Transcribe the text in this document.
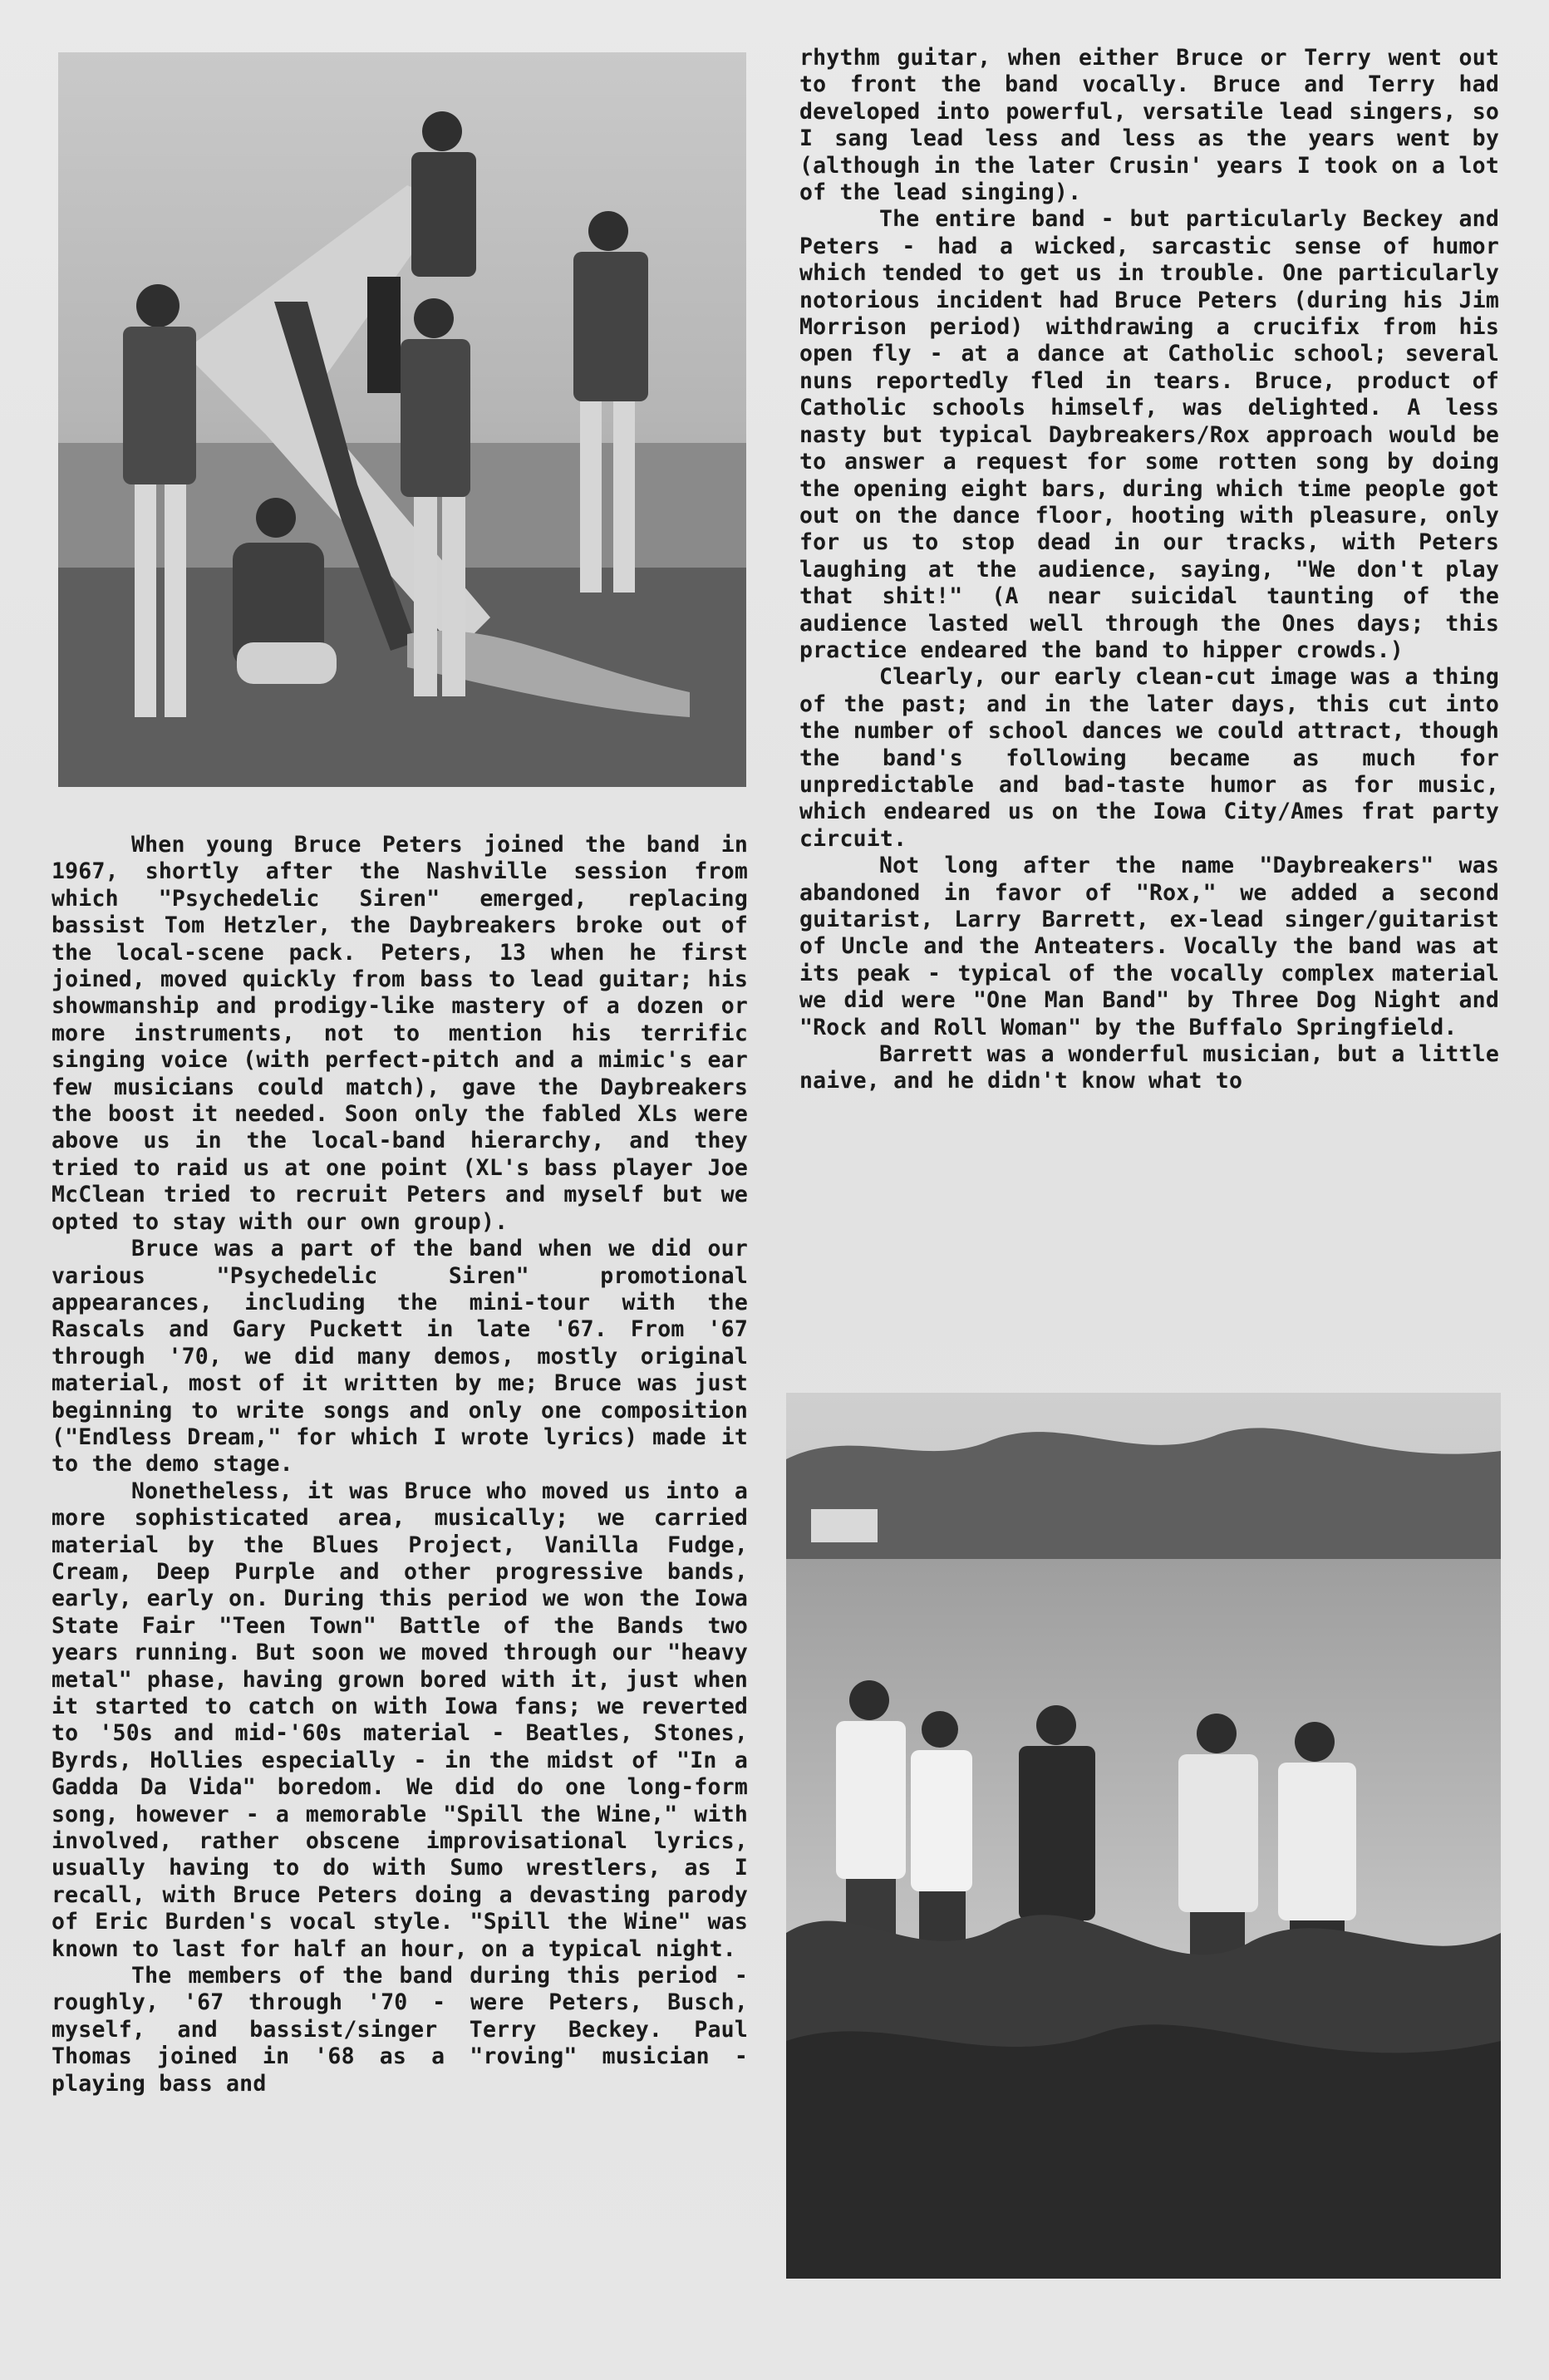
When young Bruce Peters joined the band in 1967, shortly after the Nashville session from which "Psychedelic Siren" emerged, replacing bassist Tom Hetzler, the Daybreakers broke out of the local-scene pack. Peters, 13 when he first joined, moved quickly from bass to lead guitar; his showmanship and prodigy-like mastery of a dozen or more instruments, not to mention his terrific singing voice (with perfect-pitch and a mimic's ear few musicians could match), gave the Daybreakers the boost it needed. Soon only the fabled XLs were above us in the local-band hierarchy, and they tried to raid us at one point (XL's bass player Joe McClean tried to recruit Peters and myself but we opted to stay with our own group).

Bruce was a part of the band when we did our various "Psychedelic Siren" promotional appearances, including the mini-tour with the Rascals and Gary Puckett in late '67. From '67 through '70, we did many demos, mostly original material, most of it written by me; Bruce was just beginning to write songs and only one composition ("Endless Dream," for which I wrote lyrics) made it to the demo stage.

Nonetheless, it was Bruce who moved us into a more sophisticated area, musically; we carried material by the Blues Project, Vanilla Fudge, Cream, Deep Purple and other progressive bands, early, early on. During this period we won the Iowa State Fair "Teen Town" Battle of the Bands two years running. But soon we moved through our "heavy metal" phase, having grown bored with it, just when it started to catch on with Iowa fans; we reverted to '50s and mid-'60s material - Beatles, Stones, Byrds, Hollies especially - in the midst of "In a Gadda Da Vida" boredom. We did do one long-form song, however - a memorable "Spill the Wine," with involved, rather obscene improvisational lyrics, usually having to do with Sumo wrestlers, as I recall, with Bruce Peters doing a devasting parody of Eric Burden's vocal style. "Spill the Wine" was known to last for half an hour, on a typical night.

The members of the band during this period - roughly, '67 through '70 - were Peters, Busch, myself, and bassist/singer Terry Beckey. Paul Thomas joined in '68 as a "roving" musician - playing bass and

rhythm guitar, when either Bruce or Terry went out to front the band vocally. Bruce and Terry had developed into powerful, versatile lead singers, so I sang lead less and less as the years went by (although in the later Crusin' years I took on a lot of the lead singing).

The entire band - but particularly Beckey and Peters - had a wicked, sarcastic sense of humor which tended to get us in trouble. One particularly notorious incident had Bruce Peters (during his Jim Morrison period) withdrawing a crucifix from his open fly - at a dance at Catholic school; several nuns reportedly fled in tears. Bruce, product of Catholic schools himself, was delighted. A less nasty but typical Daybreakers/Rox approach would be to answer a request for some rotten song by doing the opening eight bars, during which time people got out on the dance floor, hooting with pleasure, only for us to stop dead in our tracks, with Peters laughing at the audience, saying, "We don't play that shit!" (A near suicidal taunting of the audience lasted well through the Ones days; this practice endeared the band to hipper crowds.)

Clearly, our early clean-cut image was a thing of the past; and in the later days, this cut into the number of school dances we could attract, though the band's following became as much for unpredictable and bad-taste humor as for music, which endeared us on the Iowa City/Ames frat party circuit.

Not long after the name "Daybreakers" was abandoned in favor of "Rox," we added a second guitarist, Larry Barrett, ex-lead singer/guitarist of Uncle and the Anteaters. Vocally the band was at its peak - typical of the vocally complex material we did were "One Man Band" by Three Dog Night and "Rock and Roll Woman" by the Buffalo Springfield.

Barrett was a wonderful musician, but a little naive, and he didn't know what to
